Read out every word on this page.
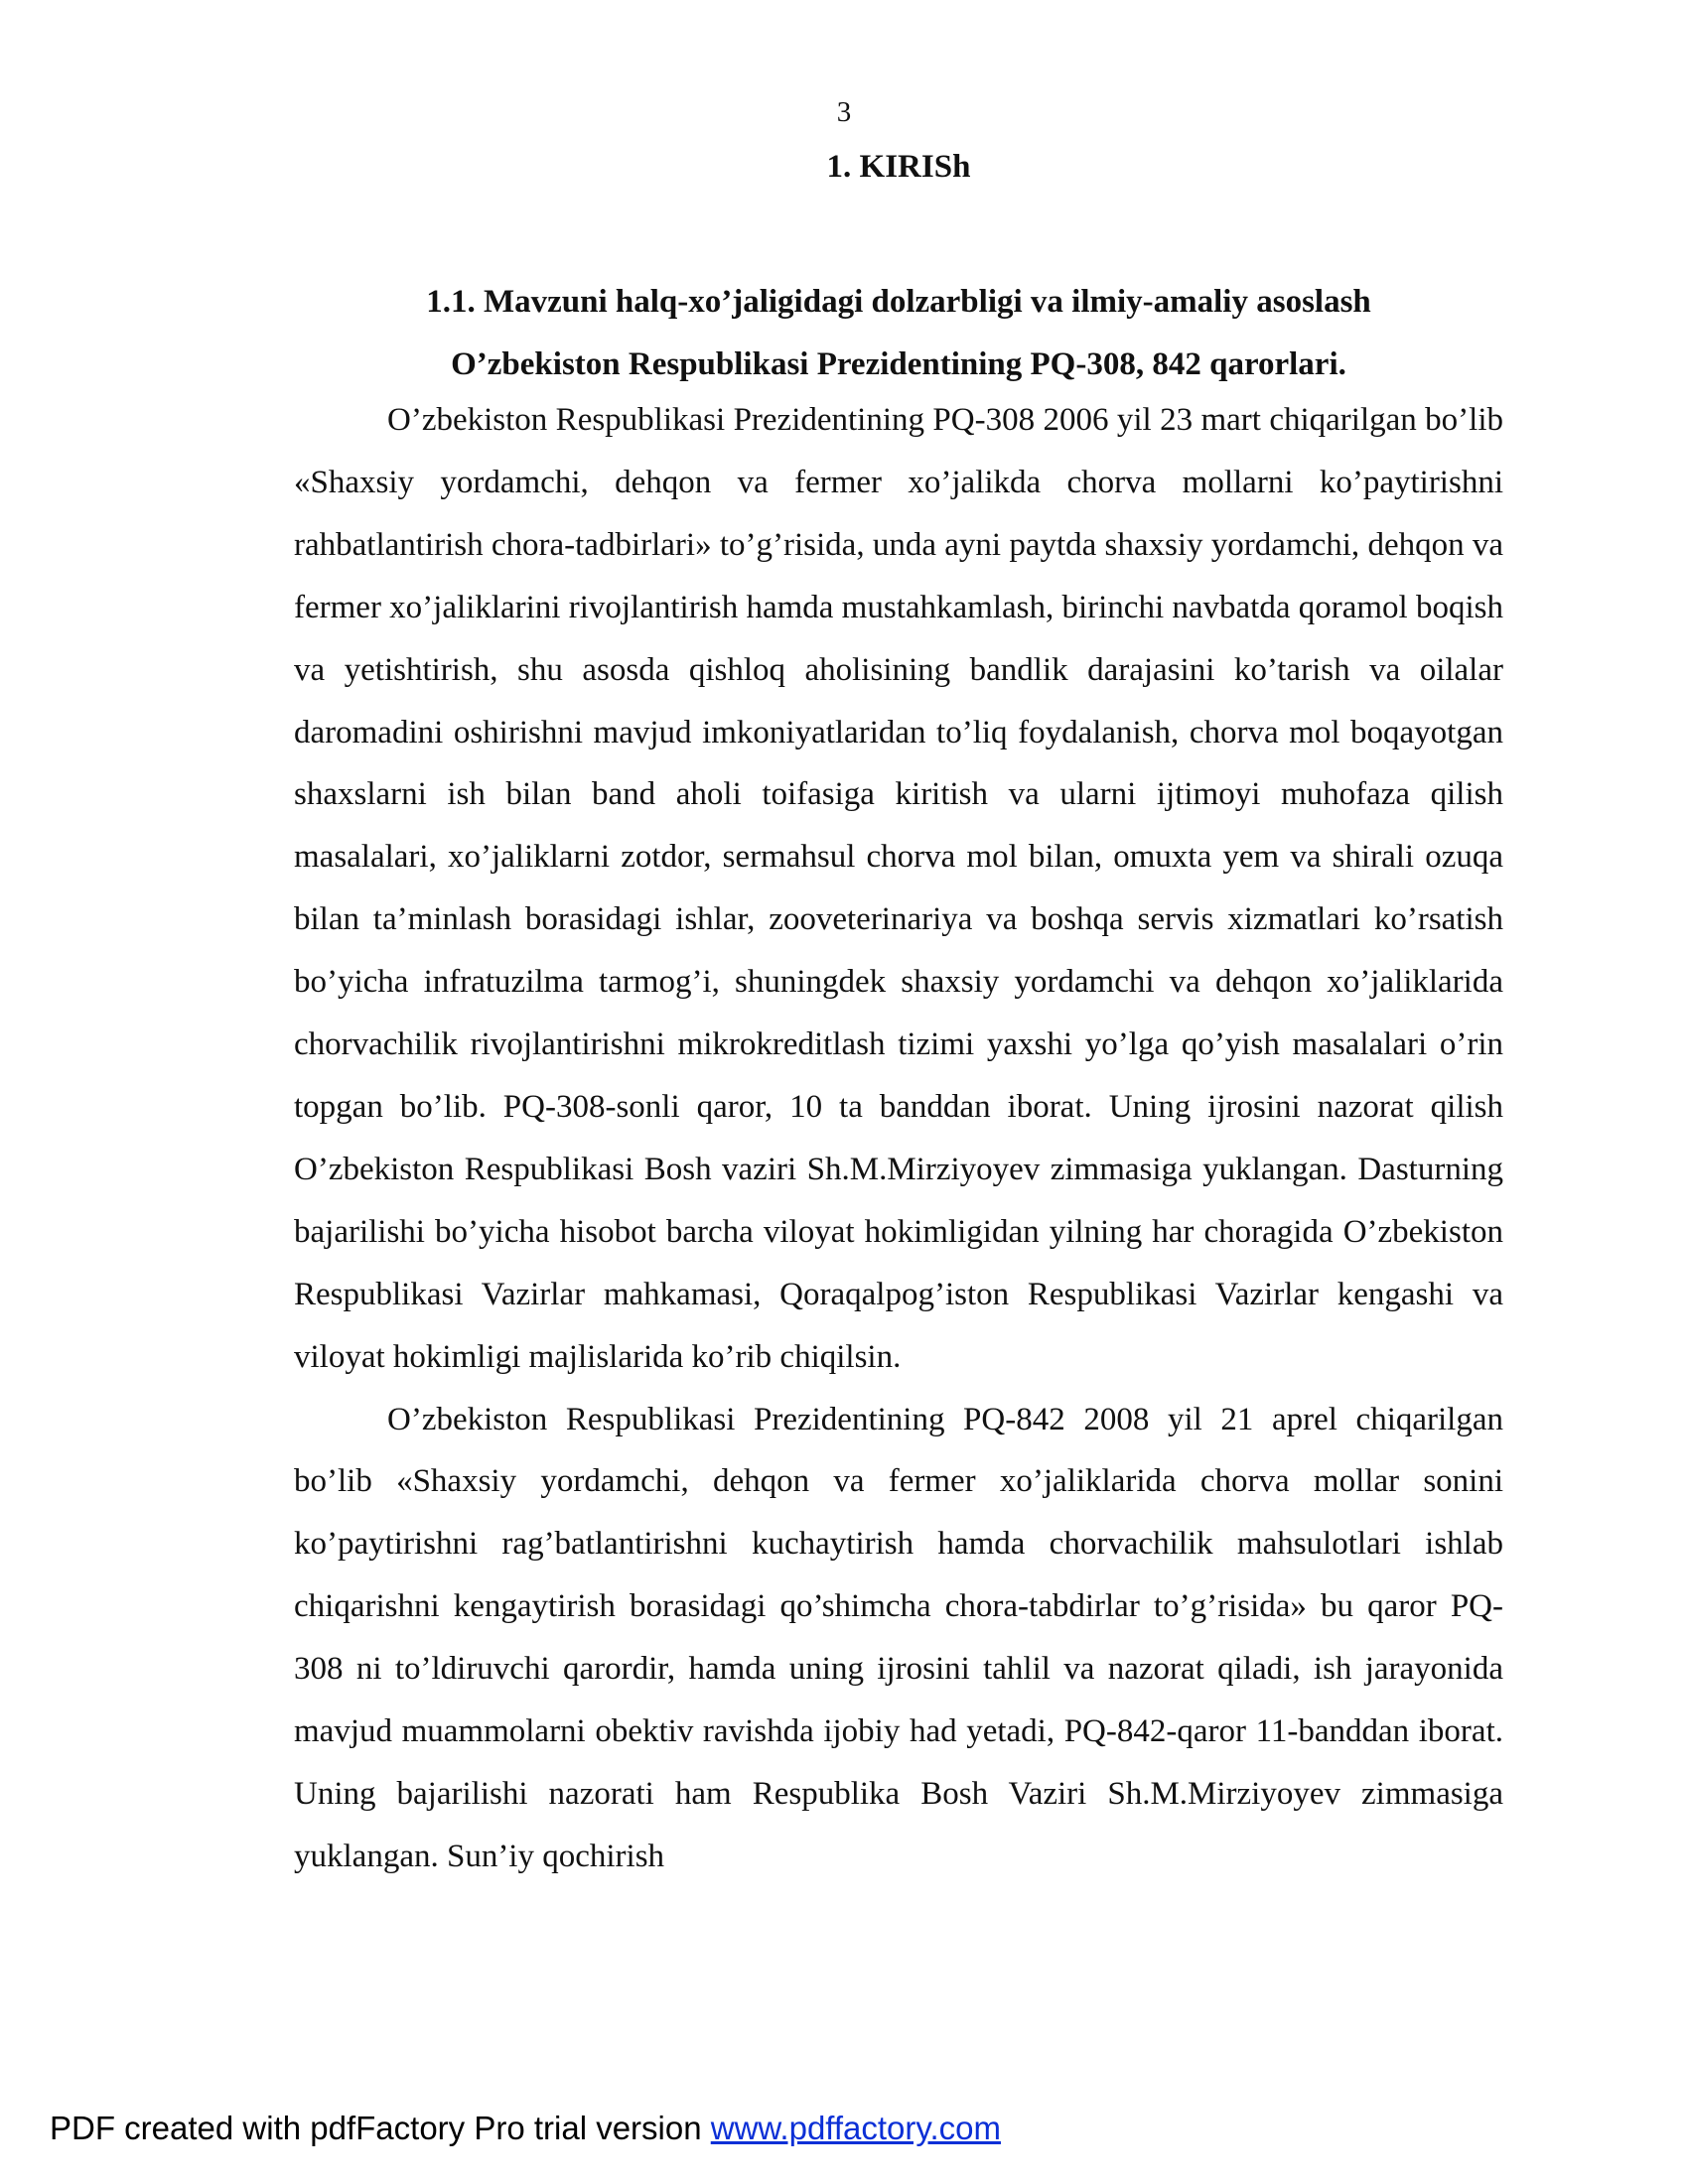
3
1. KIRISh
1.1. Mavzuni halq-xo’jaligidagi dolzarbligi va ilmiy-amaliy asoslash
O’zbekiston Respublikasi Prezidentining PQ-308, 842 qarorlari.

O’zbekiston Respublikasi Prezidentining PQ-308 2006 yil 23 mart chiqarilgan bo’lib «Shaxsiy yordamchi, dehqon va fermer xo’jalikda chorva mollarni ko’paytirishni rahbatlantirish chora-tadbirlari» to’g’risida, unda ayni paytda shaxsiy yordamchi, dehqon va fermer xo’jaliklarini rivojlantirish hamda mustahkamlash, birinchi navbatda qoramol boqish va yetishtirish, shu asosda qishloq aholisining bandlik darajasini ko’tarish va oilalar daromadini oshirishni mavjud imkoniyatlaridan to’liq foydalanish, chorva mol boqayotgan shaxslarni ish bilan band aholi toifasiga kiritish va ularni ijtimoyi muhofaza qilish masalalari, xo’jaliklarni zotdor, sermahsul chorva mol bilan, omuxta yem va shirali ozuqa bilan ta’minlash borasidagi ishlar, zooveterinariya va boshqa servis xizmatlari ko’rsatish bo’yicha infratuzilma tarmog’i, shuningdek shaxsiy yordamchi va dehqon xo’jaliklarida chorvachilik rivojlantirishni mikrokreditlash tizimi yaxshi yo’lga qo’yish masalalari o’rin topgan bo’lib. PQ-308-sonli qaror, 10 ta banddan iborat. Uning ijrosini nazorat qilish O’zbekiston Respublikasi Bosh vaziri Sh.M.Mirziyoyev zimmasiga yuklangan. Dasturning bajarilishi bo’yicha hisobot barcha viloyat hokimligidan yilning har choragida O’zbekiston Respublikasi Vazirlar mahkamasi, Qoraqalpog’iston Respublikasi Vazirlar kengashi va viloyat hokimligi majlislarida ko’rib chiqilsin.

O’zbekiston Respublikasi Prezidentining PQ-842 2008 yil 21 aprel chiqarilgan bo’lib «Shaxsiy yordamchi, dehqon va fermer xo’jaliklarida chorva mollar sonini ko’paytirishni rag’batlantirishni kuchaytirish hamda chorvachilik mahsulotlari ishlab chiqarishni kengaytirish borasidagi qo’shimcha chora-tabdirlar to’g’risida» bu qaror PQ-308 ni to’ldiruvchi qarordir, hamda uning ijrosini tahlil va nazorat qiladi, ish jarayonida mavjud muammolarni obektiv ravishda ijobiy had yetadi, PQ-842-qaror 11-banddan iborat. Uning bajarilishi nazorati ham Respublika Bosh Vaziri Sh.M.Mirziyoyev zimmasiga yuklangan. Sun’iy qochirish

PDF created with pdfFactory Pro trial version www.pdffactory.com
